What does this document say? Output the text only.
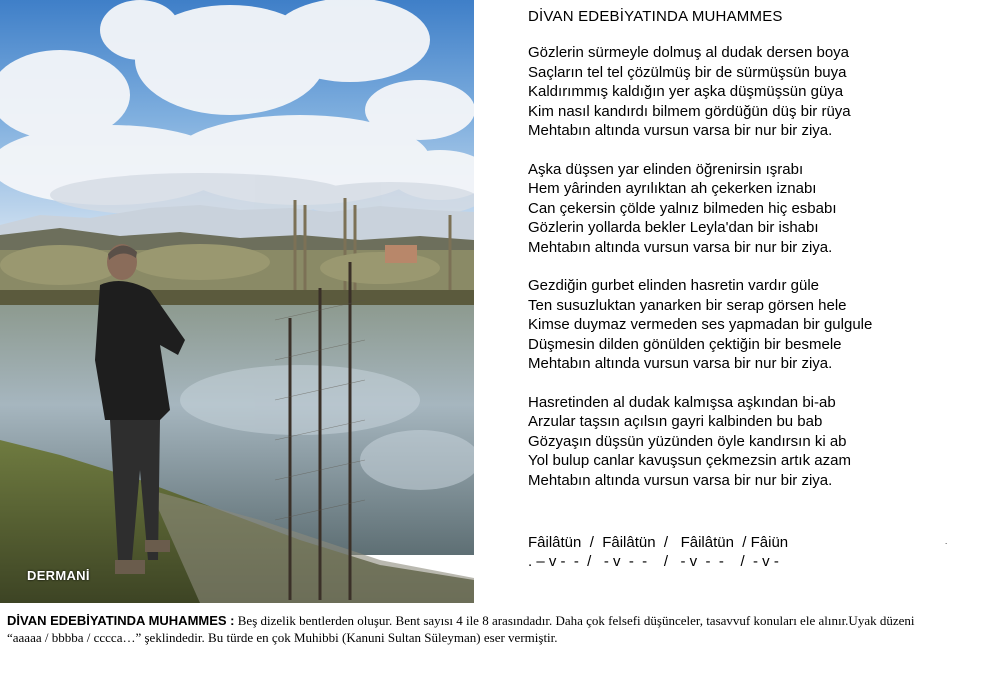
DERMANİ
DİVAN EDEBİYATINDA MUHAMMES
Gözlerin sürmeyle dolmuş al dudak dersen boya
Saçların tel tel çözülmüş bir de sürmüşsün buya
Kaldırımmış kaldığın yer aşka düşmüşsün güya
Kim nasıl kandırdı bilmem gördüğün düş bir rüya
Mehtabın altında vursun varsa bir nur bir ziya.
Aşka düşsen yar elinden öğrenirsin ışrabı
Hem yârinden ayrılıktan ah çekerken iznabı
Can çekersin çölde yalnız bilmeden hiç esbabı
Gözlerin yollarda bekler Leyla'dan bir ishabı
Mehtabın altında vursun varsa bir nur bir ziya.
Gezdiğin gurbet elinden hasretin vardır güle
Ten susuzluktan yanarken bir serap görsen hele
Kimse duymaz vermeden ses yapmadan bir gulgule
Düşmesin dilden gönülden çektiğin bir besmele
Mehtabın altında vursun varsa bir nur bir ziya.
Hasretinden al dudak kalmışsa aşkından bi-ab
Arzular taşsın açılsın gayri kalbinden bu bab
Gözyaşın düşsün yüzünden öyle kandırsın ki ab
Yol bulup canlar kavuşsun çekmezsin artık azam
Mehtabın altında vursun varsa bir nur bir ziya.
Fâilâtün  /  Fâilâtün  /   Fâilâtün  / Fâiün
. – v -  -  /   - v  -  -    /   - v  -  -    /  - v -
.
DİVAN EDEBİYATINDA MUHAMMES : Beş dizelik bentlerden oluşur. Bent sayısı 4 ile 8 arasındadır. Daha çok felsefi düşünceler, tasavvuf konuları ele alınır.Uyak düzeni “aaaaa / bbbba / cccca…” şeklindedir. Bu türde en çok Muhibbi (Kanuni Sultan Süleyman) eser vermiştir.
